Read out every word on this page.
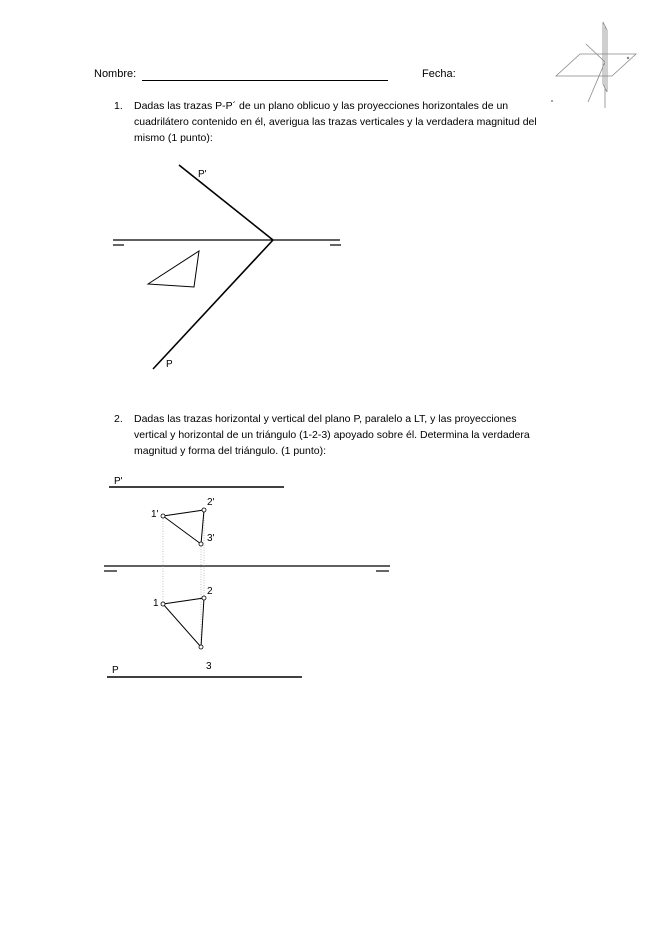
Nombre:	Fecha:
1. Dadas las trazas P-P´ de un plano oblicuo y las proyecciones horizontales de un
cuadrilátero contenido en él, averigua las trazas verticales y la verdadera magnitud del
mismo (1 punto):
2. Dadas las trazas horizontal y vertical del plano P, paralelo a LT, y las proyecciones
vertical y horizontal de un triángulo (1-2-3) apoyado sobre él. Determina la verdadera
magnitud y forma del triángulo. (1 punto):
P'
P
P'
P
1'
2'
3'
1
2
3
